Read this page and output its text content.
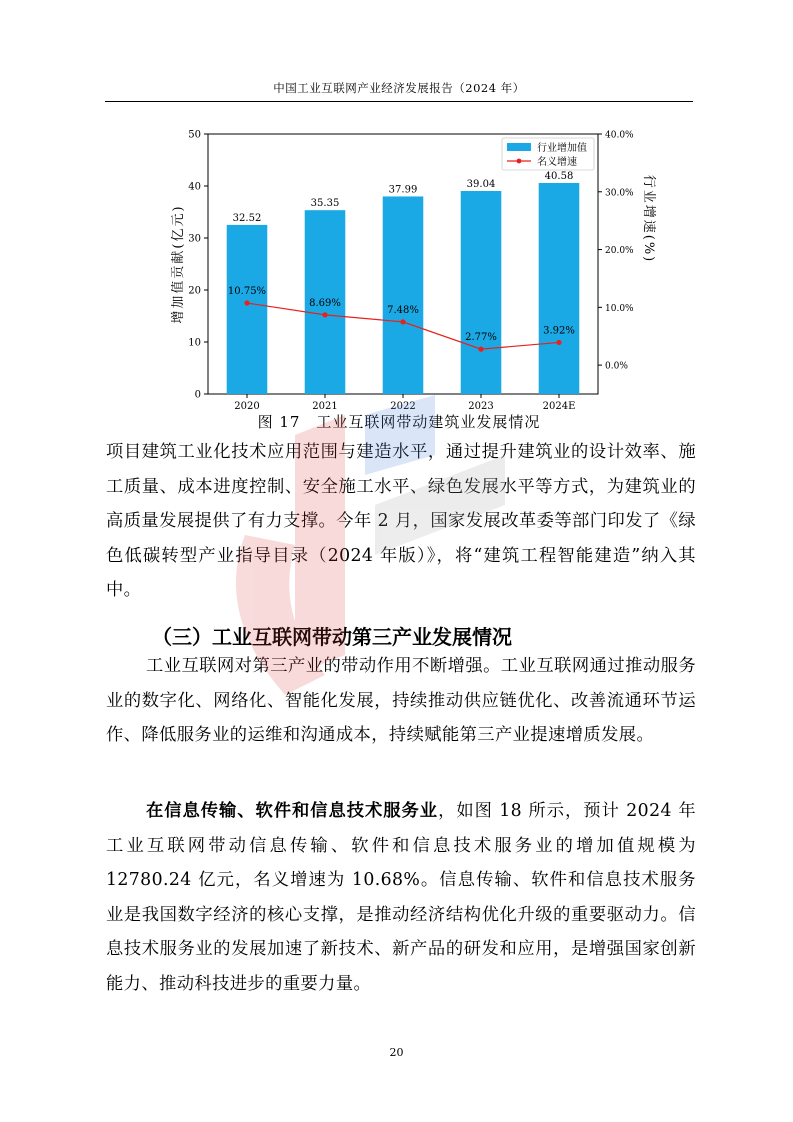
中国工业互联网产业经济发展报告（2024 年）
32.52
35.35
37.99	39.04
40.58
10.75%
8.69%
7.48%
2.77%
3.92%
0
10
20
30
40
50
0.0%
10.0%
20.0%
30.0%
40.0%
2020	2021	2022	2023	2024E
增加值贡献(亿元)	行业增速(%)
行业增加值
名义增速
图 17　工业互联网带动建筑业发展情况

项目建筑工业化技术应用范围与建造水平，通过提升建筑业的设计效率、施工质量、成本进度控制、安全施工水平、绿色发展水平等方式，为建筑业的高质量发展提供了有力支撑。今年 2 月，国家发展改革委等部门印发了《绿色低碳转型产业指导目录（2024 年版）》，将“建筑工程智能建造”纳入其中。

（三）工业互联网带动第三产业发展情况

工业互联网对第三产业的带动作用不断增强。工业互联网通过推动服务业的数字化、网络化、智能化发展，持续推动供应链优化、改善流通环节运作、降低服务业的运维和沟通成本，持续赋能第三产业提速增质发展。

在信息传输、软件和信息技术服务业，如图 18 所示，预计 2024 年工业互联网带动信息传输、软件和信息技术服务业的增加值规模为 12780.24 亿元，名义增速为 10.68%。信息传输、软件和信息技术服务业是我国数字经济的核心支撑，是推动经济结构优化升级的重要驱动力。信息技术服务业的发展加速了新技术、新产品的研发和应用，是增强国家创新能力、推动科技进步的重要力量。

20
